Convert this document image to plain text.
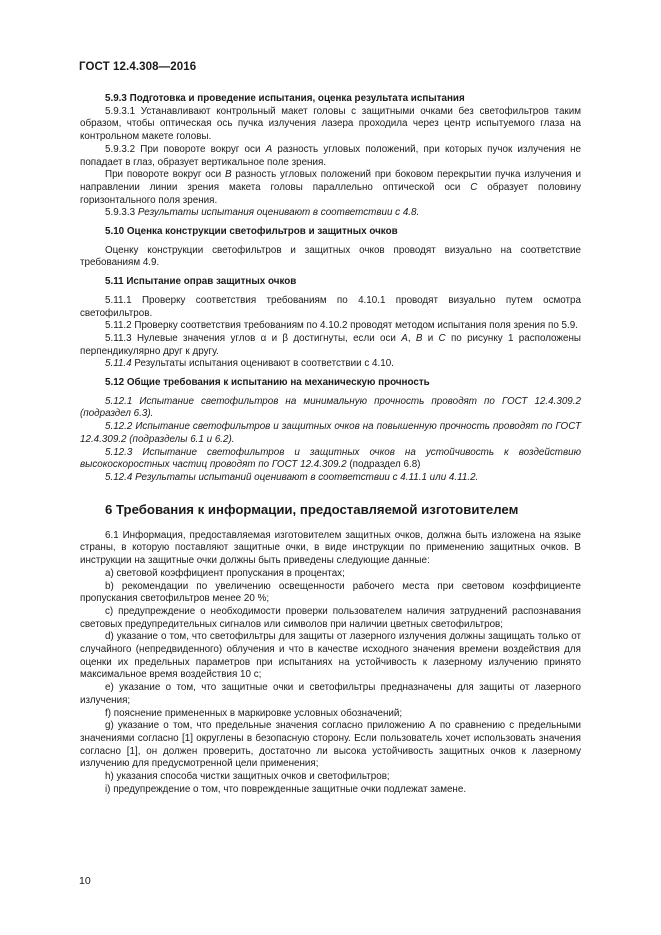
ГОСТ 12.4.308—2016

5.9.3 Подготовка и проведение испытания, оценка результата испытания

5.9.3.1 Устанавливают контрольный макет головы с защитными очками без светофильтров таким образом, чтобы оптическая ось пучка излучения лазера проходила через центр испытуемого глаза на контрольном макете головы.

5.9.3.2 При повороте вокруг оси А разность угловых положений, при которых пучок излучения не попадает в глаз, образует вертикальное поле зрения.

При повороте вокруг оси В разность угловых положений при боковом перекрытии пучка излучения и направлении линии зрения макета головы параллельно оптической оси С образует половину горизонтального поля зрения.

5.9.3.3 Результаты испытания оценивают в соответствии с 4.8.

5.10 Оценка конструкции светофильтров и защитных очков

Оценку конструкции светофильтров и защитных очков проводят визуально на соответствие требованиям 4.9.

5.11 Испытание оправ защитных очков

5.11.1 Проверку соответствия требованиям по 4.10.1 проводят визуально путем осмотра светофильтров.

5.11.2 Проверку соответствия требованиям по 4.10.2 проводят методом испытания поля зрения по 5.9.

5.11.3 Нулевые значения углов α и β достигнуты, если оси А, В и С по рисунку 1 расположены перпендикулярно друг к другу.

5.11.4 Результаты испытания оценивают в соответствии с 4.10.

5.12 Общие требования к испытанию на механическую прочность

5.12.1 Испытание светофильтров на минимальную прочность проводят по ГОСТ 12.4.309.2 (подраздел 6.3).

5.12.2 Испытание светофильтров и защитных очков на повышенную прочность проводят по ГОСТ 12.4.309.2 (подразделы 6.1 и 6.2).

5.12.3 Испытание светофильтров и защитных очков на устойчивость к воздействию высокоскоростных частиц проводят по ГОСТ 12.4.309.2 (подраздел 6.8)

5.12.4 Результаты испытаний оценивают в соответствии с 4.11.1 или 4.11.2.

6 Требования к информации, предоставляемой изготовителем

6.1 Информация, предоставляемая изготовителем защитных очков, должна быть изложена на языке страны, в которую поставляют защитные очки, в виде инструкции по применению защитных очков. В инструкции на защитные очки должны быть приведены следующие данные:

а) световой коэффициент пропускания в процентах;

b) рекомендации по увеличению освещенности рабочего места при световом коэффициенте пропускания светофильтров менее 20 %;

c) предупреждение о необходимости проверки пользователем наличия затруднений распознавания световых предупредительных сигналов или символов при наличии цветных светофильтров;

d) указание о том, что светофильтры для защиты от лазерного излучения должны защищать только от случайного (непредвиденного) облучения и что в качестве исходного значения времени воздействия для оценки их предельных параметров при испытаниях на устойчивость к лазерному излучению принято максимальное время воздействия 10 с;

e) указание о том, что защитные очки и светофильтры предназначены для защиты от лазерного излучения;

f) пояснение примененных в маркировке условных обозначений;

g) указание о том, что предельные значения согласно приложению А по сравнению с предельными значениями согласно [1] округлены в безопасную сторону. Если пользователь хочет использовать значения согласно [1], он должен проверить, достаточно ли высока устойчивость защитных очков к лазерному излучению для предусмотренной цели применения;

h) указания способа чистки защитных очков и светофильтров;

i) предупреждение о том, что поврежденные защитные очки подлежат замене.

10
